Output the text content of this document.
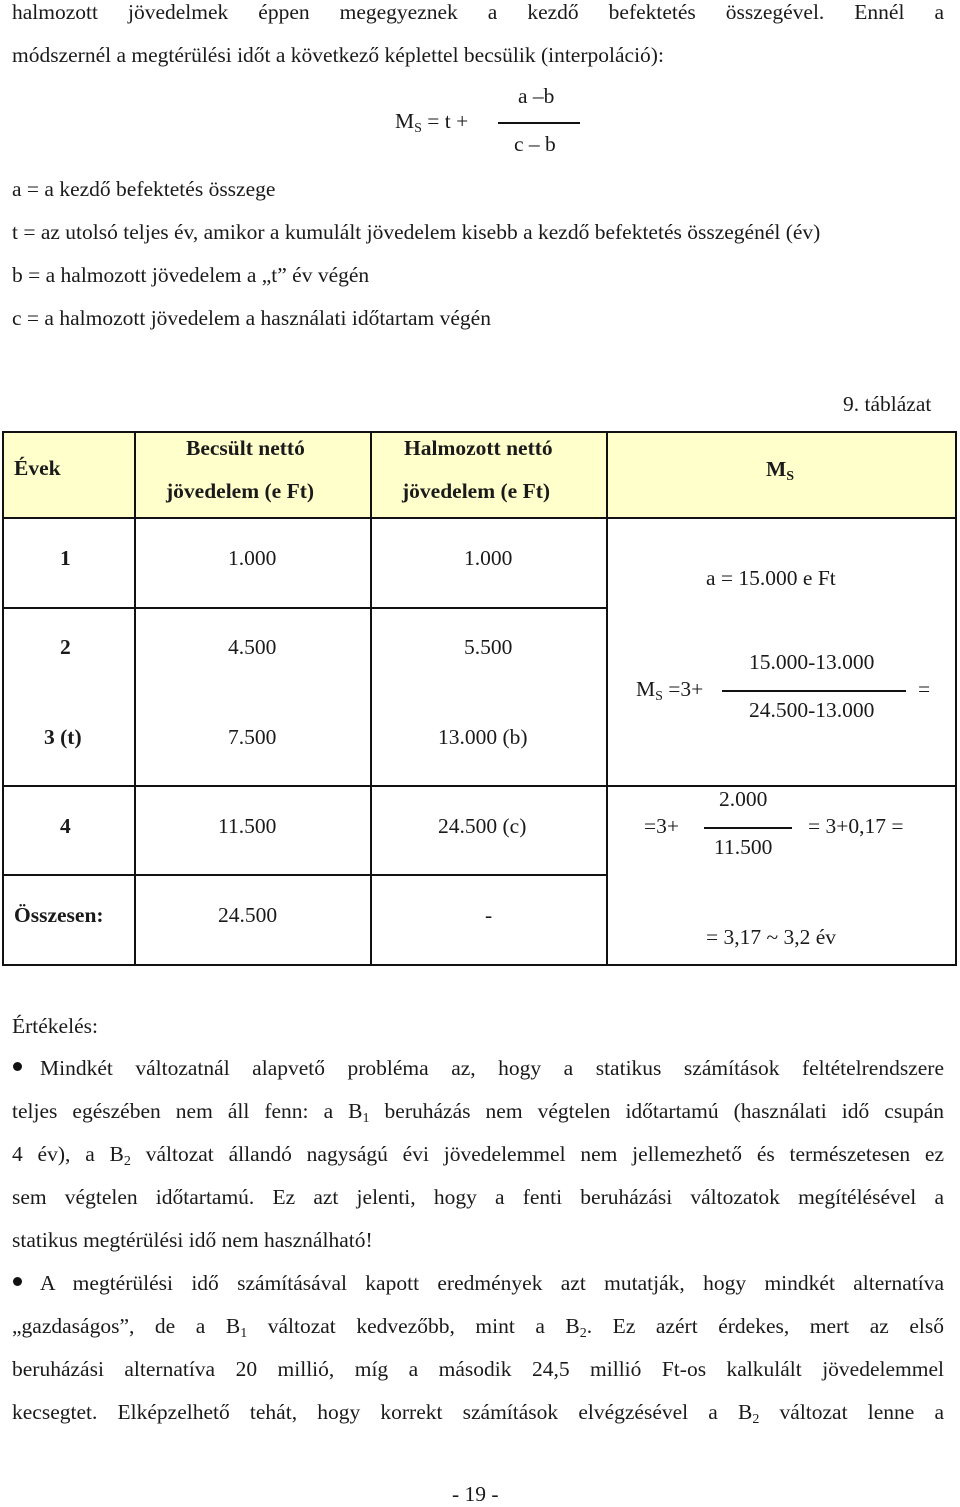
halmozott jövedelmek éppen megegyeznek a kezdő befektetés összegével. Ennél a
módszernél a megtérülési időt a következő képlettel becsülik (interpoláció):
$M_S = t$ +
a –b
c – b
a = a kezdő befektetés összege
t = az utolsó teljes év, amikor a kumulált jövedelem kisebb a kezdő befektetés összegénél (év)
b = a halmozott jövedelem a „t” év végén
c = a halmozott jövedelem a használati időtartam végén
9. táblázat
Évek
Becsült nettó
jövedelem (e Ft)
Halmozott nettó
jövedelem (e Ft)
$M_S$
1	1.000	1.000
a = 15.000 e Ft
2	4.500	5.500
3 (t)	7.500	13.000 (b)
$M_S =3+$
15.000-13.000
24.500-13.000
=
4	11.500	24.500 (c)	=3+
2.000
11.500
= 3+0,17 =
Összesen:	24.500	-
= 3,17 ~ 3,2 év
Értékelés:
Mindkét változatnál alapvető probléma az, hogy a statikus számítások feltételrendszere
teljes egészében nem áll fenn: a $B_1$ beruházás nem végtelen időtartamú (használati idő csupán
4 év), a $B_2$ változat állandó nagyságú évi jövedelemmel nem jellemezhető és természetesen ez
sem végtelen időtartamú. Ez azt jelenti, hogy a fenti beruházási változatok megítélésével a
statikus megtérülési idő nem használható!
A megtérülési idő számításával kapott eredmények azt mutatják, hogy mindkét alternatíva
„gazdaságos”, de a $B_1$ változat kedvezőbb, mint a $B_2$. Ez azért érdekes, mert az első
beruházási alternatíva 20 millió, míg a második 24,5 millió Ft-os kalkulált jövedelemmel
kecsegtet. Elképzelhető tehát, hogy korrekt számítások elvégzésével a $B_2$ változat lenne a
- 19 -
